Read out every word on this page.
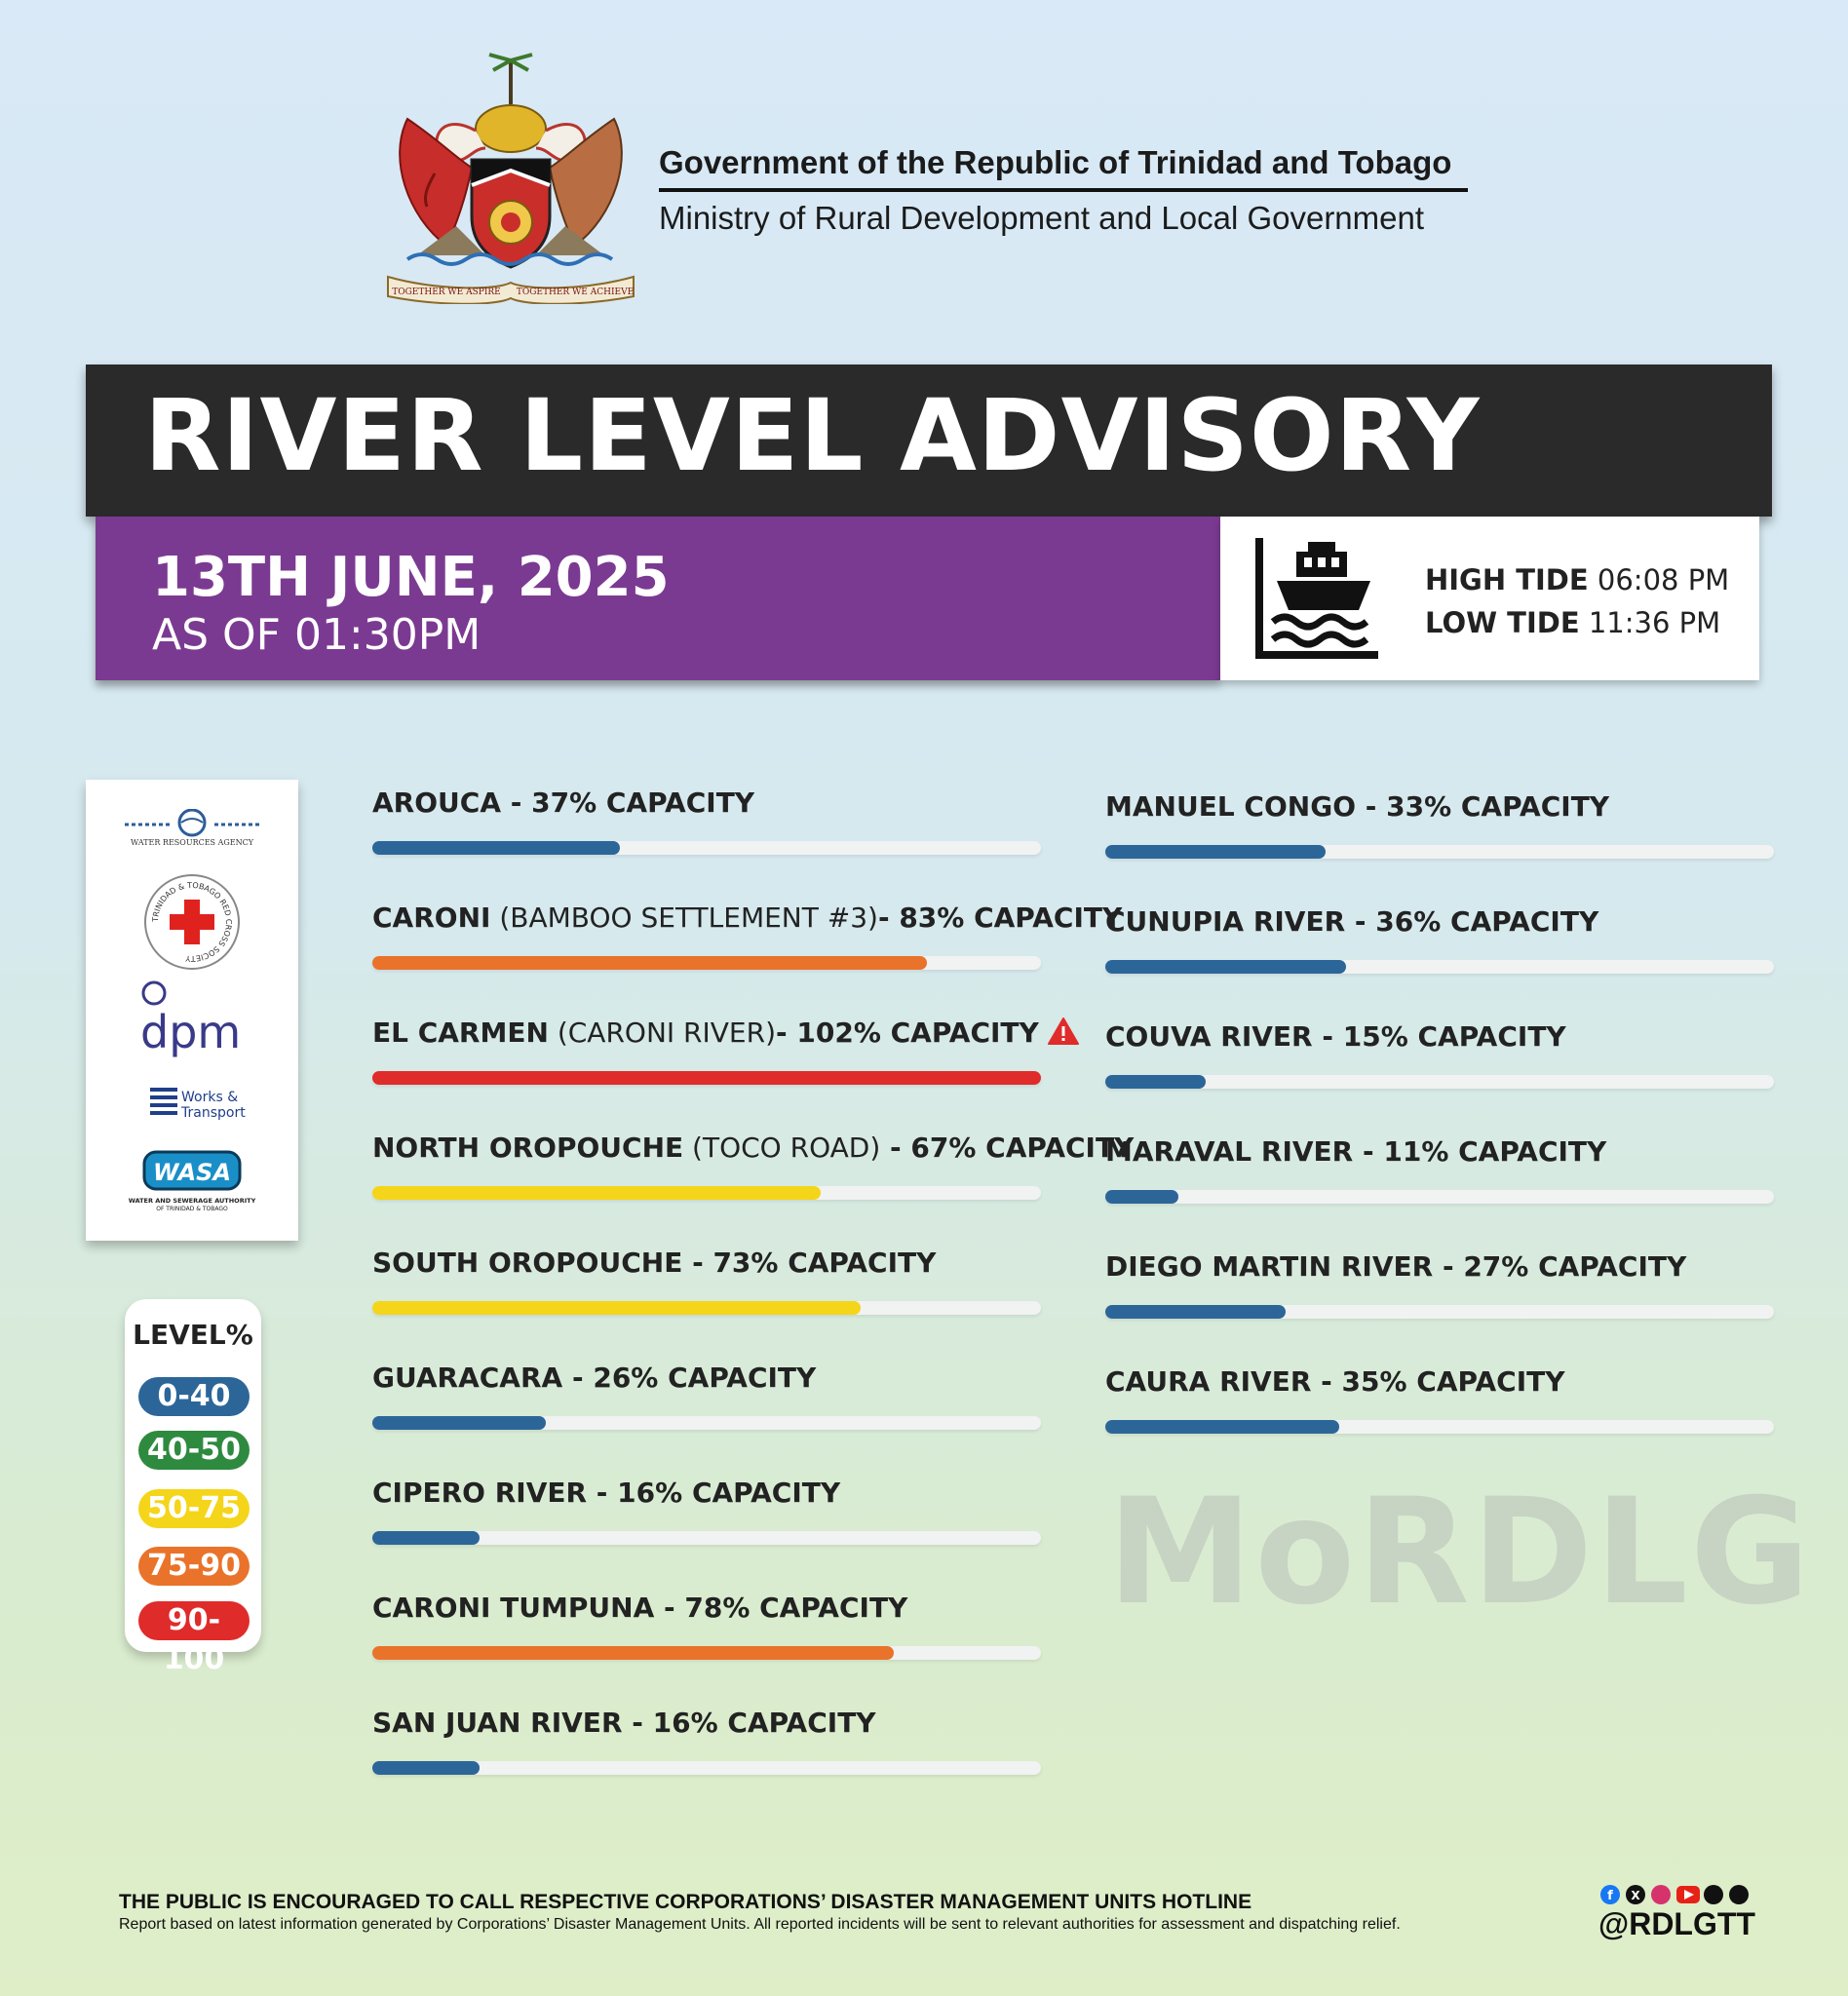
TOGETHER WE ASPIRE TOGETHER WE ACHIEVE
Government of the Republic of Trinidad and Tobago
Ministry of Rural Development and Local Government
RIVER LEVEL ADVISORY
13TH JUNE, 2025
AS OF 01:30PM
HIGH TIDE 06:08 PM
LOW TIDE 11:36 PM
WATER RESOURCES AGENCY
TRINIDAD & TOBAGO RED CROSS SOCIETY
dpm
Works &
Transport
WASA
WATER AND SEWERAGE AUTHORITY
OF TRINIDAD & TOBAGO
LEVEL%
0-40
40-50
50-75
75-90
90-100
AROUCA - 37% CAPACITY
CARONI (BAMBOO SETTLEMENT #3)- 83% CAPACITY
EL CARMEN (CARONI RIVER)- 102% CAPACITY
NORTH OROPOUCHE (TOCO ROAD) - 67% CAPACITY
SOUTH OROPOUCHE - 73% CAPACITY
GUARACARA - 26% CAPACITY
CIPERO RIVER - 16% CAPACITY
CARONI TUMPUNA - 78% CAPACITY
SAN JUAN RIVER - 16% CAPACITY
MANUEL CONGO - 33% CAPACITY
CUNUPIA RIVER - 36% CAPACITY
COUVA RIVER - 15% CAPACITY
MARAVAL RIVER - 11% CAPACITY
DIEGO MARTIN RIVER - 27% CAPACITY
CAURA RIVER - 35% CAPACITY
MoRDLG
THE PUBLIC IS ENCOURAGED TO CALL RESPECTIVE CORPORATIONS’ DISASTER MANAGEMENT UNITS HOTLINE
Report based on latest information generated by Corporations’ Disaster Management Units. All reported incidents will be sent to relevant authorities for assessment and dispatching relief.
f X
@RDLGTT
